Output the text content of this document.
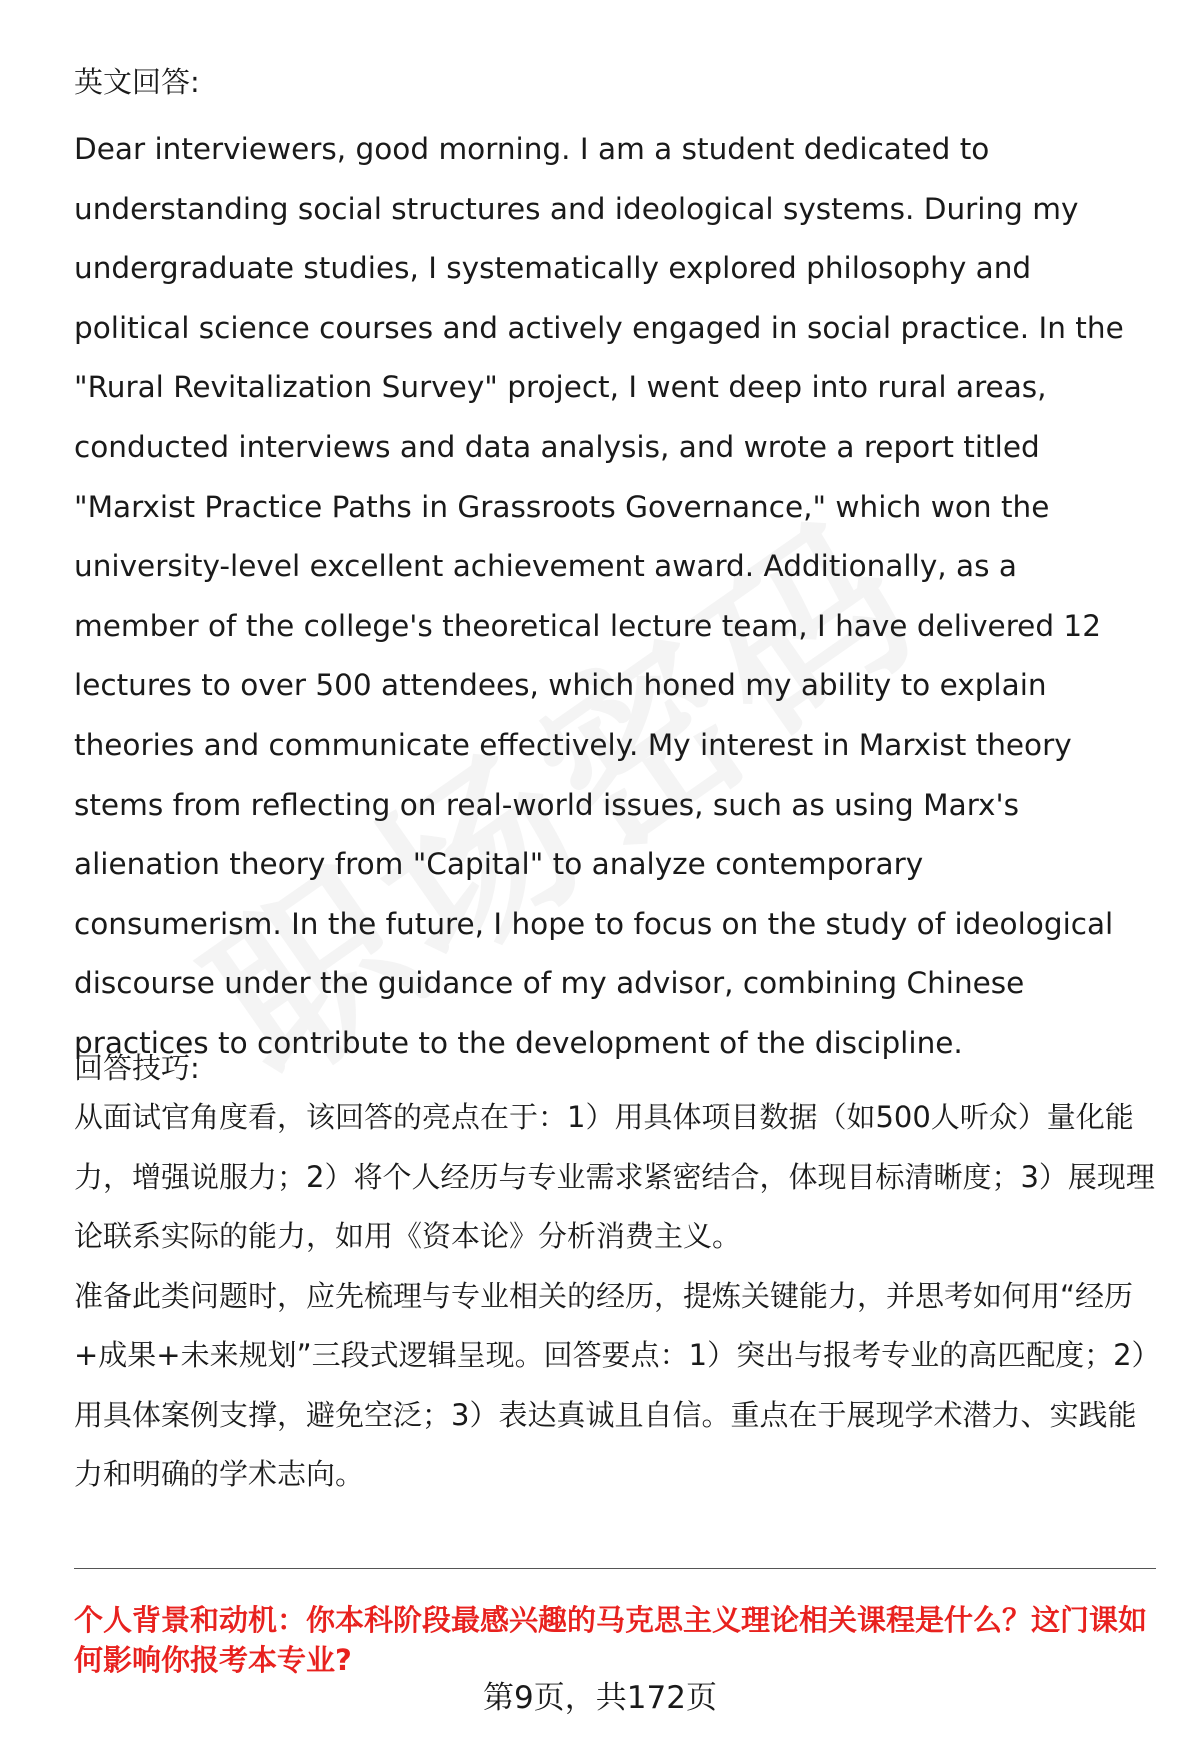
英文回答:

Dear interviewers, good morning. I am a student dedicated to understanding social structures and ideological systems. During my undergraduate studies, I systematically explored philosophy and political science courses and actively engaged in social practice. In the "Rural Revitalization Survey" project, I went deep into rural areas, conducted interviews and data analysis, and wrote a report titled "Marxist Practice Paths in Grassroots Governance," which won the university-level excellent achievement award. Additionally, as a member of the college's theoretical lecture team, I have delivered 12 lectures to over 500 attendees, which honed my ability to explain theories and communicate effectively. My interest in Marxist theory stems from reflecting on real-world issues, such as using Marx's alienation theory from "Capital" to analyze contemporary consumerism. In the future, I hope to focus on the study of ideological discourse under the guidance of my advisor, combining Chinese practices to contribute to the development of the discipline.

回答技巧:

从面试官角度看，该回答的亮点在于：1）用具体项目数据（如500人听众）量化能力，增强说服力；2）将个人经历与专业需求紧密结合，体现目标清晰度；3）展现理论联系实际的能力，如用《资本论》分析消费主义。

准备此类问题时，应先梳理与专业相关的经历，提炼关键能力，并思考如何用“经历+成果+未来规划”三段式逻辑呈现。回答要点：1）突出与报考专业的高匹配度；2）用具体案例支撑，避免空泛；3）表达真诚且自信。重点在于展现学术潜力、实践能力和明确的学术志向。

个人背景和动机：你本科阶段最感兴趣的马克思主义理论相关课程是什么？这门课如何影响你报考本专业?

第9页，共172页
